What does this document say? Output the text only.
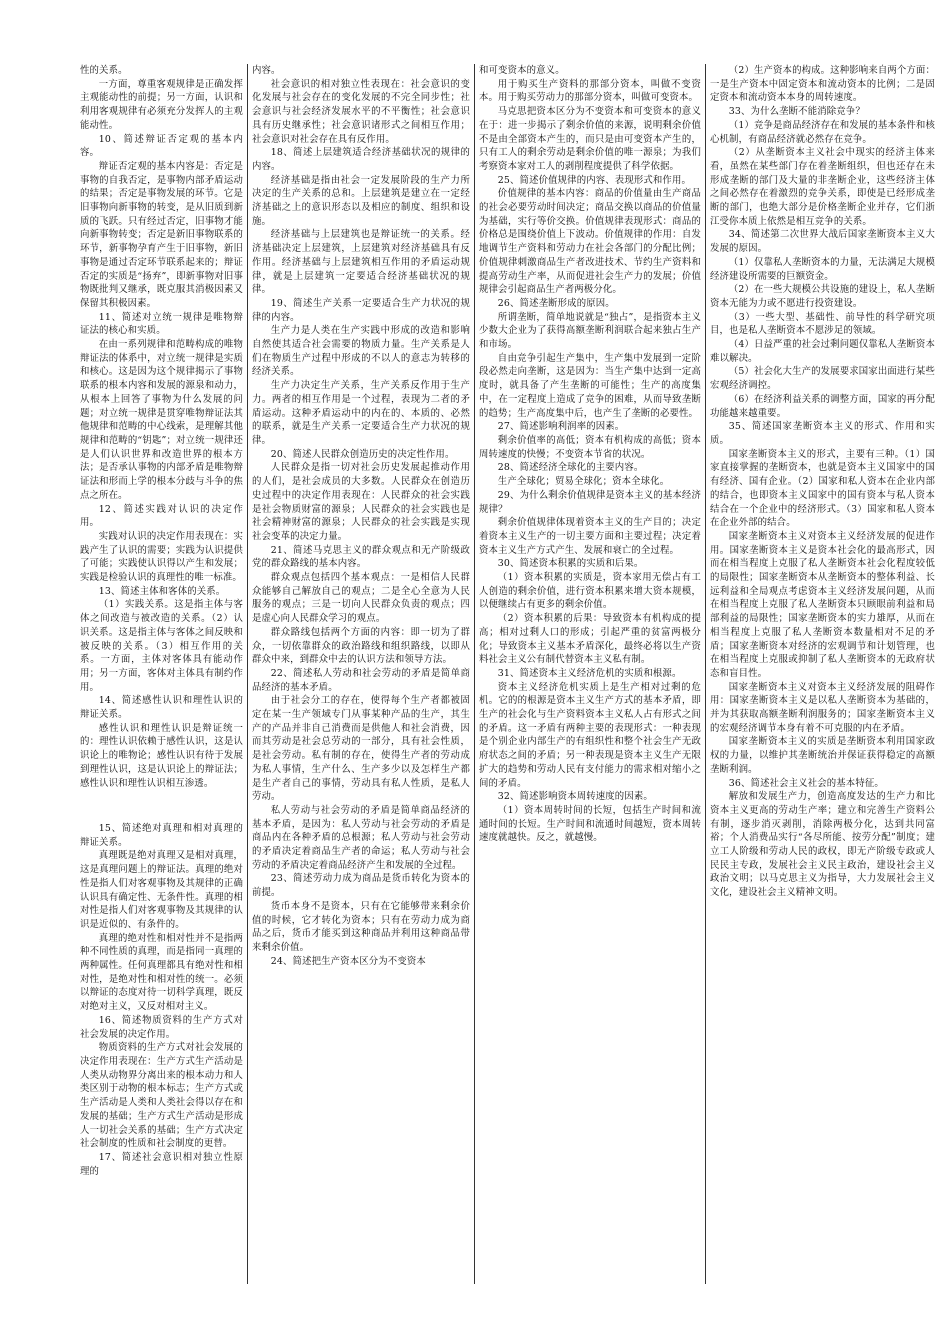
性的关系。

一方面，尊重客观规律是正确发挥主观能动性的前提；另一方面，认识和利用客观规律有必须充分发挥人的主观能动性。

10、简述辩证否定观的基本内容。

辩证否定观的基本内容是：否定是事物的自我否定，是事物内部矛盾运动的结果；否定是事物发展的环节。它是旧事物向新事物的转变，是从旧质到新质的飞跃。只有经过否定，旧事物才能向新事物转变；否定是新旧事物联系的环节，新事物孕育产生于旧事物，新旧事物是通过否定环节联系起来的；辩证否定的实质是“扬弃”，即新事物对旧事物既批判又继承，既克服其消极因素又保留其积极因素。

11、简述对立统一规律是唯物辩证法的核心和实质。

在由一系列规律和范畴构成的唯物辩证法的体系中，对立统一规律是实质和核心。这是因为这个规律揭示了事物联系的根本内容和发展的源泉和动力，从根本上回答了事物为什么发展的问题；对立统一规律是贯穿唯物辩证法其他规律和范畴的中心线索，是理解其他规律和范畴的“钥匙”；对立统一规律还是人们认识世界和改造世界的根本方法；是否承认事物的内部矛盾是唯物辩证法和形而上学的根本分歧与斗争的焦点之所在。

12、简述实践对认识的决定作用。

实践对认识的决定作用表现在：实践产生了认识的需要；实践为认识提供了可能；实践使认识得以产生和发展；实践是检验认识的真理性的唯一标准。

13、简述主体和客体的关系。

（1）实践关系。这是指主体与客体之间改造与被改造的关系。（2）认识关系。这是指主体与客体之间反映和被反映的关系。（3）相互作用的关系。一方面，主体对客体具有能动作用；另一方面，客体对主体具有制约作用。

14、简述感性认识和理性认识的辩证关系。

感性认识和理性认识是辩证统一的：理性认识依赖于感性认识，这是认识论上的唯物论；感性认识有待于发展到理性认识，这是认识论上的辩证法；感性认识和理性认识相互渗透。

15、简述绝对真理和相对真理的辩证关系。

真理既是绝对真理又是相对真理，这是真理问题上的辩证法。真理的绝对性是指人们对客观事物及其规律的正确认识具有确定性、无条件性。真理的相对性是指人们对客观事物及其规律的认识是近似的、有条件的。

真理的绝对性和相对性并不是指两种不同性质的真理，而是指同一真理的两种属性。任何真理都具有绝对性和相对性，是绝对性和相对性的统一。必须以辩证的态度对待一切科学真理，既反对绝对主义，又反对相对主义。

16、简述物质资料的生产方式对社会发展的决定作用。

物质资料的生产方式对社会发展的决定作用表现在：生产方式生产活动是人类从动物界分离出来的根本动力和人类区别于动物的根本标志；生产方式或生产活动是人类和人类社会得以存在和发展的基础；生产方式生产活动是形成人一切社会关系的基础；生产方式决定社会制度的性质和社会制度的更替。

17、简述社会意识相对独立性原理的

内容。

社会意识的相对独立性表现在：社会意识的变化发展与社会存在的变化发展的不完全同步性；社会意识与社会经济发展水平的不平衡性；社会意识具有历史继承性；社会意识诸形式之间相互作用；社会意识对社会存在具有反作用。

18、简述上层建筑适合经济基础状况的规律的内容。

经济基础是指由社会一定发展阶段的生产力所决定的生产关系的总和。上层建筑是建立在一定经济基础之上的意识形态以及相应的制度、组织和设施。

经济基础与上层建筑也是辩证统一的关系。经济基础决定上层建筑，上层建筑对经济基础具有反作用。经济基础与上层建筑相互作用的矛盾运动规律，就是上层建筑一定要适合经济基础状况的规律。

19、简述生产关系一定要适合生产力状况的规律的内容。

生产力是人类在生产实践中形成的改造和影响自然使其适合社会需要的物质力量。生产关系是人们在物质生产过程中形成的不以人的意志为转移的经济关系。

生产力决定生产关系，生产关系反作用于生产力。两者的相互作用是一个过程，表现为二者的矛盾运动。这种矛盾运动中的内在的、本质的、必然的联系，就是生产关系一定要适合生产力状况的规律。

20、简述人民群众创造历史的决定性作用。

人民群众是指一切对社会历史发展起推动作用的人们，是社会成员的大多数。人民群众在创造历史过程中的决定作用表现在：人民群众的社会实践是社会物质财富的源泉；人民群众的社会实践也是社会精神财富的源泉；人民群众的社会实践是实现社会变革的决定力量。

21、简述马克思主义的群众观点和无产阶级政党的群众路线的基本内容。

群众观点包括四个基本观点：一是相信人民群众能够自己解放自己的观点；二是全心全意为人民服务的观点；三是一切向人民群众负责的观点；四是虚心向人民群众学习的观点。

群众路线包括两个方面的内容：即一切为了群众，一切依靠群众的政治路线和组织路线，以即从群众中来，到群众中去的认识方法和领导方法。

22、简述私人劳动和社会劳动的矛盾是简单商品经济的基本矛盾。

由于社会分工的存在，使得每个生产者都被固定在某一生产领域专门从事某种产品的生产，其生产的产品并非自己消费而是供他人和社会消费，因而其劳动是社会总劳动的一部分，具有社会性质，是社会劳动。私有制的存在，使得生产者的劳动成为私人事情，生产什么、生产多少以及怎样生产都是生产者自己的事情，劳动具有私人性质，是私人劳动。

私人劳动与社会劳动的矛盾是简单商品经济的基本矛盾，是因为：私人劳动与社会劳动的矛盾是商品内在各种矛盾的总根源；私人劳动与社会劳动的矛盾决定着商品生产者的命运；私人劳动与社会劳动的矛盾决定着商品经济产生和发展的全过程。

23、简述劳动力成为商品是货币转化为资本的前提。

货币本身不是资本，只有在它能够带来剩余价值的时候，它才转化为资本；只有在劳动力成为商品之后，货币才能买到这种商品并利用这种商品带来剩余价值。

24、简述把生产资本区分为不变资本

和可变资本的意义。

用于购买生产资料的那部分资本，叫做不变资本。用于购买劳动力的那部分资本，叫做可变资本。

马克思把资本区分为不变资本和可变资本的意义在于：进一步揭示了剩余价值的来源，说明剩余价值不是由全部资本产生的，而只是由可变资本产生的，只有工人的剩余劳动是剩余价值的唯一源泉；为我们考察资本家对工人的剥削程度提供了科学依据。

25、简述价值规律的内容、表现形式和作用。

价值规律的基本内容：商品的价值量由生产商品的社会必要劳动时间决定；商品交换以商品的价值量为基础，实行等价交换。价值规律表现形式：商品的价格总是围绕价值上下波动。价值规律的作用：自发地调节生产资料和劳动力在社会各部门的分配比例；价值规律刺激商品生产者改进技术、节约生产资料和提高劳动生产率，从而促进社会生产力的发展；价值规律会引起商品生产者两极分化。

26、简述垄断形成的原因。

所谓垄断，简单地说就是“独占”，是指资本主义少数大企业为了获得高额垄断利润联合起来独占生产和市场。

自由竞争引起生产集中，生产集中发展到一定阶段必然走向垄断，这是因为：当生产集中达到一定高度时，就具备了产生垄断的可能性；生产的高度集中，在一定程度上造成了竞争的困难，从而导致垄断的趋势；生产高度集中后，也产生了垄断的必要性。

27、简述影响利润率的因素。

剩余价值率的高低；资本有机构成的高低；资本周转速度的快慢；不变资本节省的状况。

28、简述经济全球化的主要内容。

生产全球化；贸易全球化；资本全球化。

29、为什么剩余价值规律是资本主义的基本经济规律？

剩余价值规律体现着资本主义的生产目的；决定着资本主义生产的一切主要方面和主要过程；决定着资本主义生产方式产生、发展和衰亡的全过程。

30、简述资本积累的实质和后果。

（1）资本积累的实质是，资本家用无偿占有工人创造的剩余价值，进行资本积累来增大资本规模，以便继续占有更多的剩余价值。

（2）资本积累的后果：导致资本有机构成的提高；相对过剩人口的形成；引起严重的贫富两极分化；导致资本主义基本矛盾深化，最终必将以生产资料社会主义公有制代替资本主义私有制。

31、简述资本主义经济危机的实质和根源。

资本主义经济危机实质上是生产相对过剩的危机。它的的根源是资本主义生产方式的基本矛盾，即生产的社会化与生产资料资本主义私人占有形式之间的矛盾。这一矛盾有两种主要的表现形式：一种表现是个别企业内部生产的有组织性和整个社会生产无政府状态之间的矛盾；另一种表现是资本主义生产无限扩大的趋势和劳动人民有支付能力的需求相对缩小之间的矛盾。

32、简述影响资本周转速度的因素。

（1）资本周转时间的长短，包括生产时间和流通时间的长短。生产时间和流通时间越短，资本周转速度就越快。反之，就越慢。

（2）生产资本的构成。这种影响来自两个方面：一是生产资本中固定资本和流动资本的比例；二是固定资本和流动资本本身的周转速度。

33、为什么垄断不能消除竞争？

（1）竞争是商品经济存在和发展的基本条件和核心机制，有商品经济就必然存在竞争。

（2）从垄断资本主义社会中现实的经济主体来看，虽然在某些部门存在着垄断组织，但也还存在未形成垄断的部门及大量的非垄断企业，这些经济主体之间必然存在着激烈的竞争关系，即使是已经形成垄断的部门，也绝大部分是价格垄断企业并存，它们浙江受你本质上依然是相互竞争的关系。

34、简述第二次世界大战后国家垄断资本主义大发展的原因。

（1）仅靠私人垄断资本的力量，无法满足大规模经济建设所需要的巨额资金。

（2）在一些大规模公共设施的建设上，私人垄断资本无能为力或不愿进行投资建设。

（3）一些大型、基础性、前导性的科学研究项目，也是私人垄断资本不愿涉足的领域。

（4）日益严重的社会过剩问题仅靠私人垄断资本难以解决。

（5）社会化大生产的发展要求国家出面进行某些宏观经济调控。

（6）在经济利益关系的调整方面，国家的再分配功能越来越重要。

35、简述国家垄断资本主义的形式、作用和实质。

国家垄断资本主义的形式，主要有三种。（1）国家直接掌握的垄断资本，也就是资本主义国家中的国有经济、国有企业。（2）国家和私人资本在企业内部的结合，也即资本主义国家中的国有资本与私人资本结合在一个企业中的经济形式。（3）国家和私人资本在企业外部的结合。

国家垄断资本主义对资本主义经济发展的促进作用。国家垄断资本主义是资本社会化的最高形式，因而在相当程度上克服了私人垄断资本社会化程度较低的局限性；国家垄断资本从垄断资本的整体利益、长远利益和全局观点考虑资本主义经济发展问题，从而在相当程度上克服了私人垄断资本只顾眼前利益和局部利益的局限性；国家垄断资本的实力雄厚，从而在相当程度上克服了私人垄断资本数量相对不足的矛盾；国家垄断资本对经济的宏观调节和计划管理，也在相当程度上克服或抑制了私人垄断资本的无政府状态和盲目性。

国家垄断资本主义对资本主义经济发展的阻碍作用：国家垄断资本主义是以私人垄断资本为基础的，并为其获取高额垄断利润服务的；国家垄断资本主义的宏观经济调节本身有着不可克服的内在矛盾。

国家垄断资本主义的实质是垄断资本利用国家政权的力量，以维护其垄断统治并保证获得稳定的高额垄断利润。

36、简述社会主义社会的基本特征。

解放和发展生产力，创造高度发达的生产力和比资本主义更高的劳动生产率；建立和完善生产资料公有制，逐步消灭剥削，消除两极分化，达到共同富裕；个人消费品实行“各尽所能、按劳分配”制度；建立工人阶级和劳动人民的政权，即无产阶级专政或人民民主专政，发展社会主义民主政治，建设社会主义政治文明；以马克思主义为指导，大力发展社会主义文化，建设社会主义精神文明。
